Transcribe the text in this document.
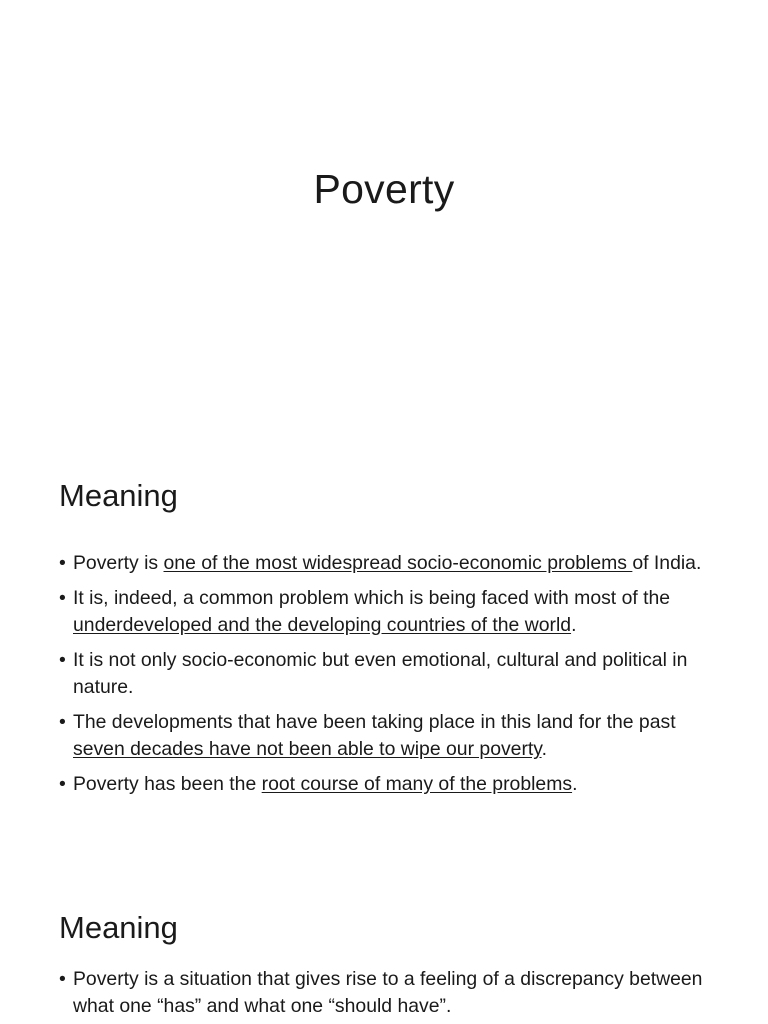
Poverty
Meaning
• Poverty is one of the most widespread socio-economic problems of India.
• It is, indeed, a common problem which is being faced with most of the underdeveloped and the developing countries of the world.
• It is not only socio-economic but even emotional, cultural and political in nature.
• The developments that have been taking place in this land for the past seven decades have not been able to wipe our poverty.
• Poverty has been the root course of many of the problems.
Meaning
• Poverty is a situation that gives rise to a feeling of a discrepancy between what one “has” and what one “should have”.
